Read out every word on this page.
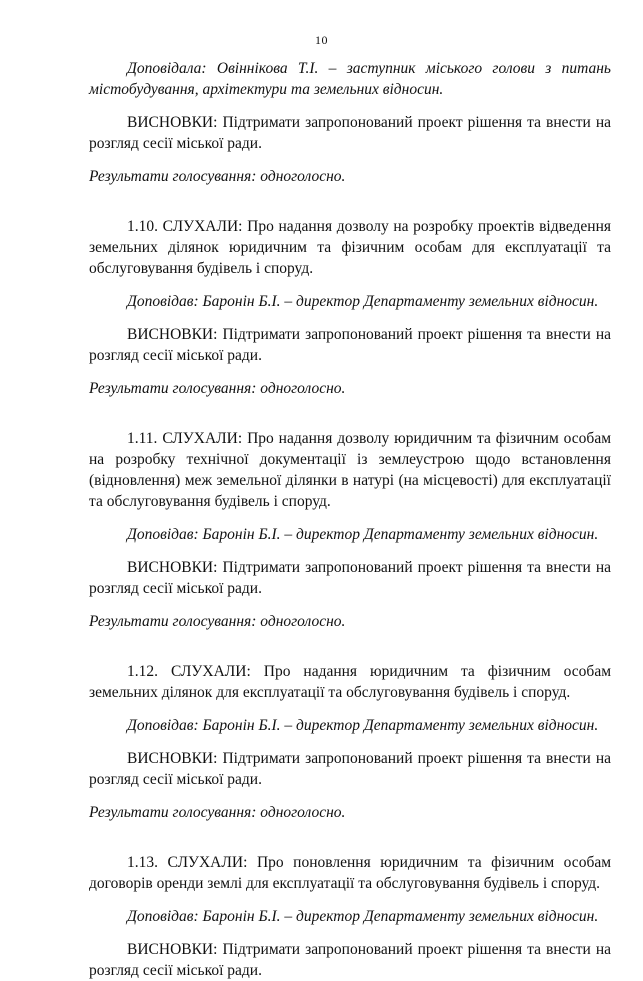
10

Доповідала: Овіннікова Т.І. – заступник міського голови з питань містобудування, архітектури та земельних відносин.

ВИСНОВКИ: Підтримати запропонований проект рішення та внести на розгляд сесії міської ради.

Результати голосування: одноголосно.

1.10. СЛУХАЛИ: Про надання дозволу на розробку проектів відведення земельних ділянок юридичним та фізичним особам для експлуатації та обслуговування будівель і споруд.

Доповідав: Баронін Б.І. – директор Департаменту земельних відносин.

ВИСНОВКИ: Підтримати запропонований проект рішення та внести на розгляд сесії міської ради.

Результати голосування: одноголосно.

1.11. СЛУХАЛИ: Про надання дозволу юридичним та фізичним особам на розробку технічної документації із землеустрою щодо встановлення (відновлення) меж земельної ділянки в натурі (на місцевості) для експлуатації та обслуговування будівель і споруд.

Доповідав: Баронін Б.І. – директор Департаменту земельних відносин.

ВИСНОВКИ: Підтримати запропонований проект рішення та внести на розгляд сесії міської ради.

Результати голосування: одноголосно.

1.12. СЛУХАЛИ: Про надання юридичним та фізичним особам земельних ділянок для експлуатації та обслуговування будівель і споруд.

Доповідав: Баронін Б.І. – директор Департаменту земельних відносин.

ВИСНОВКИ: Підтримати запропонований проект рішення та внести на розгляд сесії міської ради.

Результати голосування: одноголосно.

1.13. СЛУХАЛИ: Про поновлення юридичним та фізичним особам договорів оренди землі для експлуатації та обслуговування будівель і споруд.

Доповідав: Баронін Б.І. – директор Департаменту земельних відносин.

ВИСНОВКИ: Підтримати запропонований проект рішення та внести на розгляд сесії міської ради.
